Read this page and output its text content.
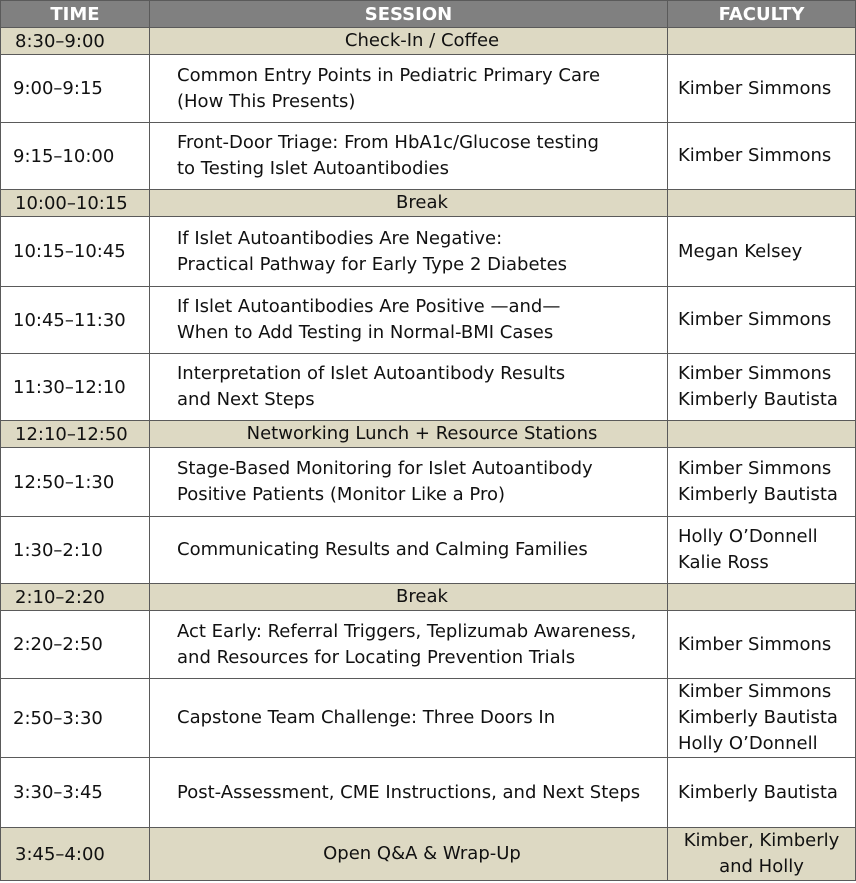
TIME	SESSION	FACULTY
8:30–9:00	Check-In / Coffee	

9:00–9:15	Common Entry Points in Pediatric Primary Care
(How This Presents)	Kimber Simmons

9:15–10:00	Front-Door Triage: From HbA1c/Glucose testing
to Testing Islet Autoantibodies	Kimber Simmons

10:00–10:15	Break	

10:15–10:45	If Islet Autoantibodies Are Negative:
Practical Pathway for Early Type 2 Diabetes	Megan Kelsey

10:45–11:30	If Islet Autoantibodies Are Positive —and—
When to Add Testing in Normal-BMI Cases	Kimber Simmons

11:30–12:10	Interpretation of Islet Autoantibody Results
and Next Steps	Kimber Simmons
Kimberly Bautista

12:10–12:50	Networking Lunch + Resource Stations	

12:50–1:30	Stage-Based Monitoring for Islet Autoantibody
Positive Patients (Monitor Like a Pro)	Kimber Simmons
Kimberly Bautista

1:30–2:10	Communicating Results and Calming Families	Holly O’Donnell
Kalie Ross

2:10–2:20	Break	

2:20–2:50	Act Early: Referral Triggers, Teplizumab Awareness,
and Resources for Locating Prevention Trials	Kimber Simmons

2:50–3:30	Capstone Team Challenge: Three Doors In	Kimber Simmons
Kimberly Bautista
Holly O’Donnell

3:30–3:45	Post-Assessment, CME Instructions, and Next Steps	Kimberly Bautista

3:45–4:00	Open Q&A & Wrap-Up	Kimber, Kimberly
and Holly
